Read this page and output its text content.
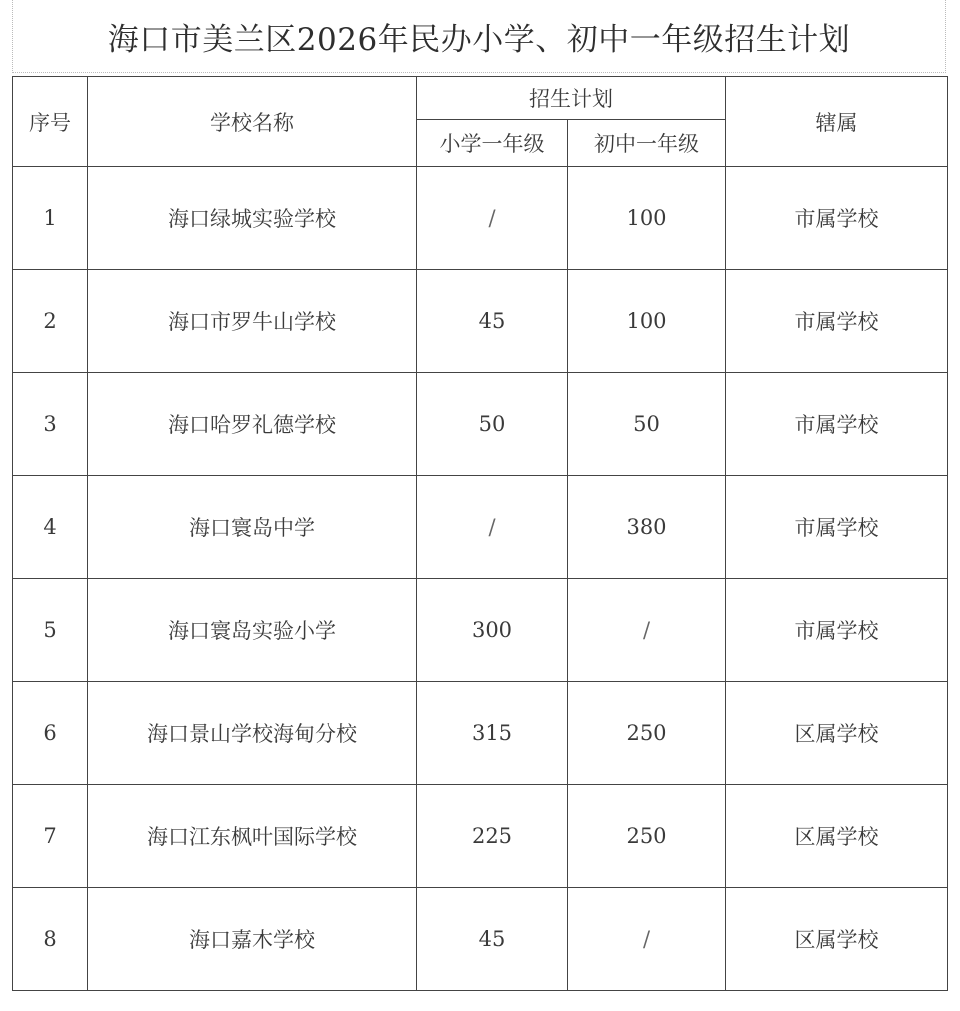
海口市美兰区2026年民办小学、初中一年级招生计划
序号	学校名称	招生计划		辖属
		小学一年级	初中一年级	
1	海口绿城实验学校	/	100	市属学校
2	海口市罗牛山学校	45	100	市属学校
3	海口哈罗礼德学校	50	50	市属学校
4	海口寰岛中学	/	380	市属学校
5	海口寰岛实验小学	300	/	市属学校
6	海口景山学校海甸分校	315	250	区属学校
7	海口江东枫叶国际学校	225	250	区属学校
8	海口嘉木学校	45	/	区属学校
